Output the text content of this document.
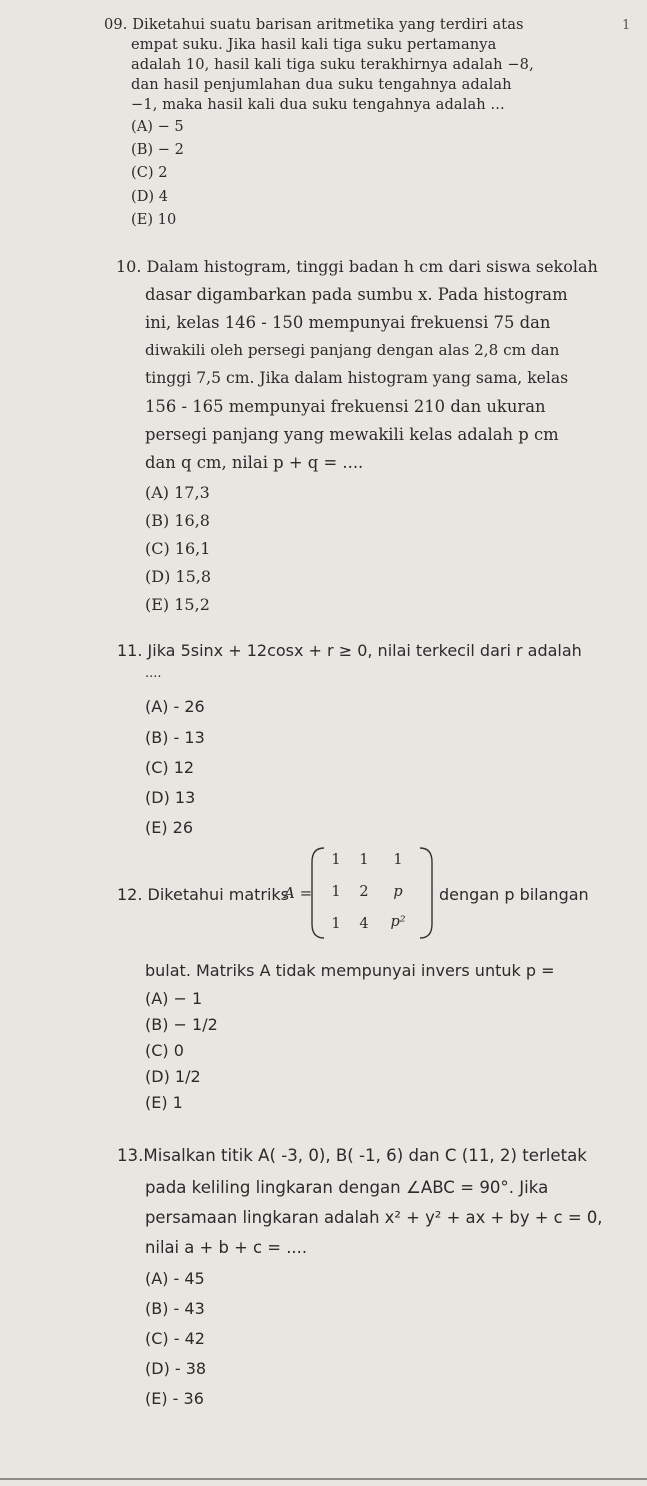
09. Diketahui suatu barisan aritmetika yang terdiri atas
empat suku. Jika hasil kali tiga suku pertamanya
adalah 10, hasil kali tiga suku terakhirnya adalah −8,
dan hasil penjumlahan dua suku tengahnya adalah
−1, maka hasil kali dua suku tengahnya adalah ...
(A) − 5
(B) − 2
(C) 2
(D) 4
(E) 10
1
10. Dalam histogram, tinggi badan h cm dari siswa sekolah
dasar digambarkan pada sumbu x. Pada histogram
ini, kelas 146 - 150 mempunyai frekuensi 75 dan
diwakili oleh persegi panjang dengan alas 2,8 cm dan
tinggi 7,5 cm. Jika dalam histogram yang sama, kelas
156 - 165 mempunyai frekuensi 210 dan ukuran
persegi panjang yang mewakili kelas adalah p cm
dan q cm, nilai p + q = ....
(A) 17,3
(B) 16,8
(C) 16,1
(D) 15,8
(E) 15,2
11. Jika 5sinx + 12cosx + r ≥ 0, nilai terkecil dari r adalah
....
(A) - 26
(B) - 13
(C) 12
(D) 13
(E) 26
12. Diketahui matriks
A =
1	1	1
1	2	p
1	4	p²
dengan p bilangan
bulat. Matriks A tidak mempunyai invers untuk p =
(A) − 1
(B) − 1/2
(C) 0
(D) 1/2
(E) 1
13.Misalkan titik A( -3, 0), B( -1, 6) dan C (11, 2) terletak
pada keliling lingkaran dengan ∠ABC = 90°. Jika
persamaan lingkaran adalah x² + y² + ax + by + c = 0,
nilai a + b + c = ....
(A) - 45
(B) - 43
(C) - 42
(D) - 38
(E) - 36
